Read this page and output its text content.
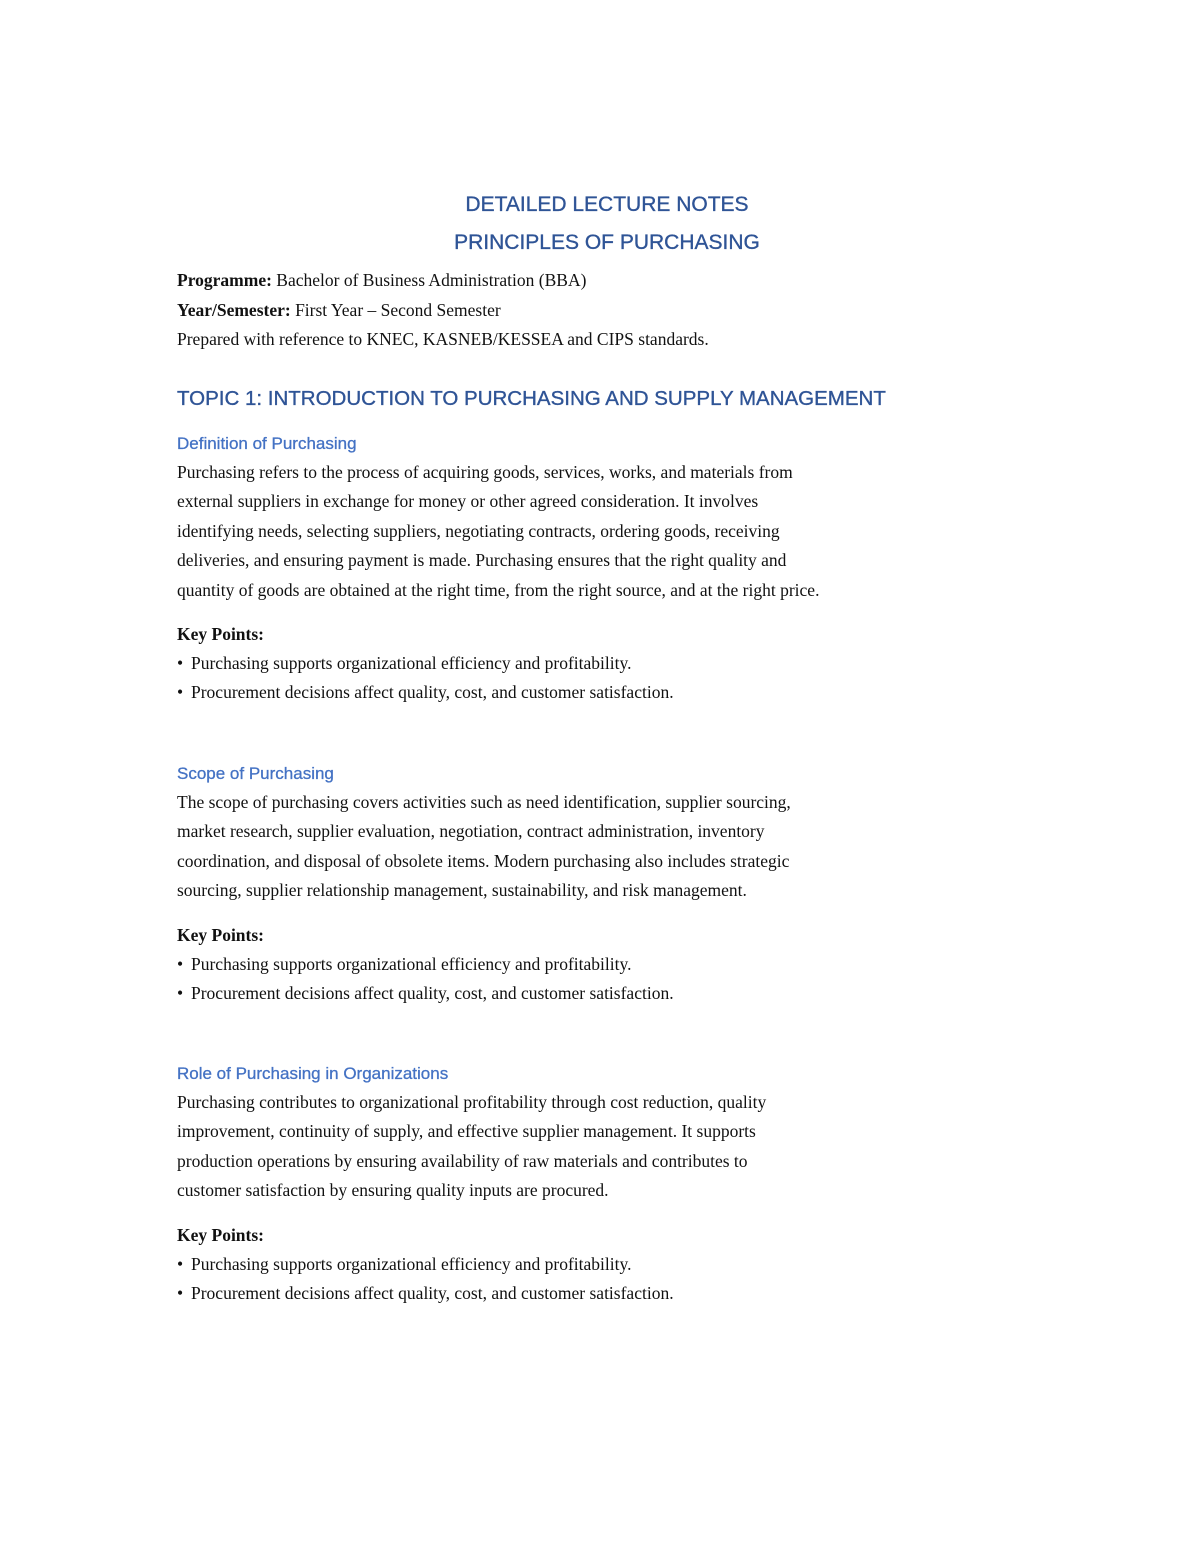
DETAILED LECTURE NOTES
PRINCIPLES OF PURCHASING
Programme: Bachelor of Business Administration (BBA)
Year/Semester: First Year – Second Semester
Prepared with reference to KNEC, KASNEB/KESSEA and CIPS standards.
TOPIC 1: INTRODUCTION TO PURCHASING AND SUPPLY MANAGEMENT
Definition of Purchasing

Purchasing refers to the process of acquiring goods, services, works, and materials from
external suppliers in exchange for money or other agreed consideration. It involves
identifying needs, selecting suppliers, negotiating contracts, ordering goods, receiving
deliveries, and ensuring payment is made. Purchasing ensures that the right quality and
quantity of goods are obtained at the right time, from the right source, and at the right price.

Key Points:
• Purchasing supports organizational efficiency and profitability.
• Procurement decisions affect quality, cost, and customer satisfaction.
Scope of Purchasing

The scope of purchasing covers activities such as need identification, supplier sourcing,
market research, supplier evaluation, negotiation, contract administration, inventory
coordination, and disposal of obsolete items. Modern purchasing also includes strategic
sourcing, supplier relationship management, sustainability, and risk management.

Key Points:
• Purchasing supports organizational efficiency and profitability.
• Procurement decisions affect quality, cost, and customer satisfaction.
Role of Purchasing in Organizations

Purchasing contributes to organizational profitability through cost reduction, quality
improvement, continuity of supply, and effective supplier management. It supports
production operations by ensuring availability of raw materials and contributes to
customer satisfaction by ensuring quality inputs are procured.

Key Points:
• Purchasing supports organizational efficiency and profitability.
• Procurement decisions affect quality, cost, and customer satisfaction.
